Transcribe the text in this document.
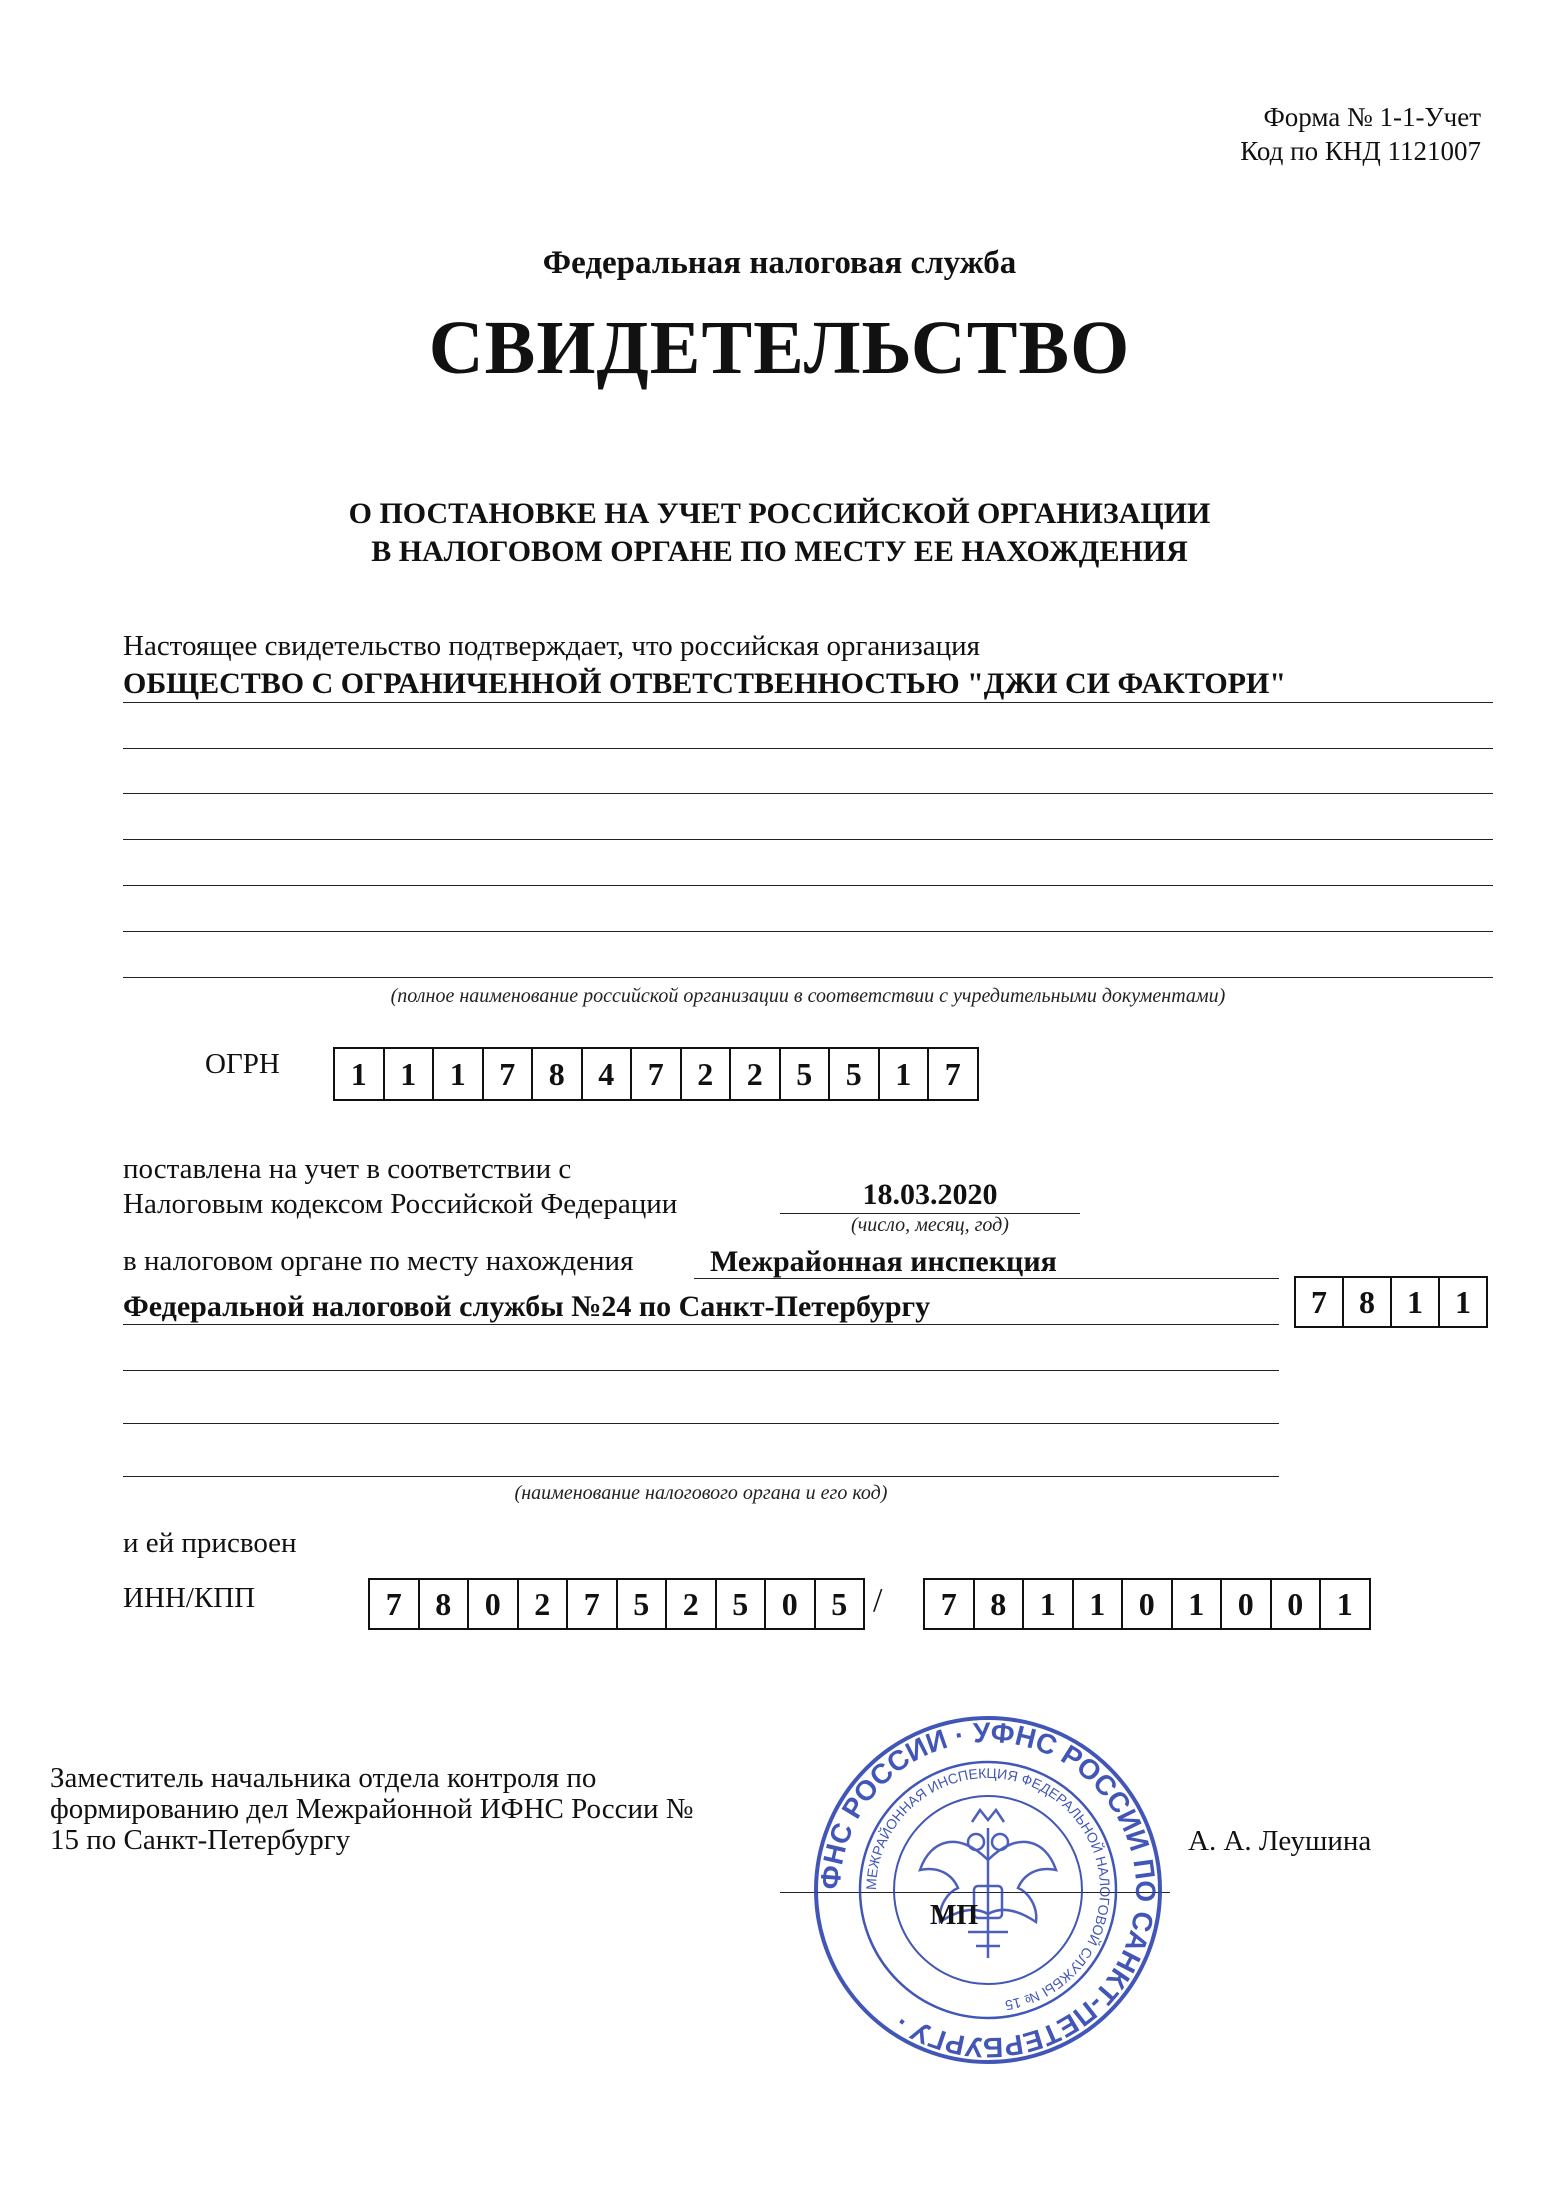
Форма № 1-1-Учет
Код по КНД 1121007
Федеральная налоговая служба
СВИДЕТЕЛЬСТВО
О ПОСТАНОВКЕ НА УЧЕТ РОССИЙСКОЙ ОРГАНИЗАЦИИ
В НАЛОГОВОМ ОРГАНЕ ПО МЕСТУ ЕЕ НАХОЖДЕНИЯ
Настоящее свидетельство подтверждает, что российская организация
ОБЩЕСТВО С ОГРАНИЧЕННОЙ ОТВЕТСТВЕННОСТЬЮ "ДЖИ СИ ФАКТОРИ"
(полное наименование российской организации в соответствии с учредительными документами)
ОГРН	1	1	1	7	8	4	7	2	2	5	5	1	7
поставлена на учет в соответствии с
Налоговым кодексом Российской Федерации	18.03.2020
(число, месяц, год)
в налоговом органе по месту нахождения	Межрайонная инспекция
Федеральной налоговой службы №24 по Санкт-Петербургу	7	8	1	1
(наименование налогового органа и его код)
и ей присвоен
ИНН/КПП	7	8	0	2	7	5	2	5	0	5 /	7	8	1	1	0	1	0	0	1
Заместитель начальника отдела контроля по
формированию дел Межрайонной ИФНС России №
15 по Санкт-Петербургу
ФНС РОССИИ · УФНС РОССИИ ПО САНКТ-ПЕТЕРБУРГУ ·
МЕЖРАЙОННАЯ ИНСПЕКЦИЯ ФЕДЕРАЛЬНОЙ НАЛОГОВОЙ СЛУЖБЫ № 15
МП
А. А. Леушина
